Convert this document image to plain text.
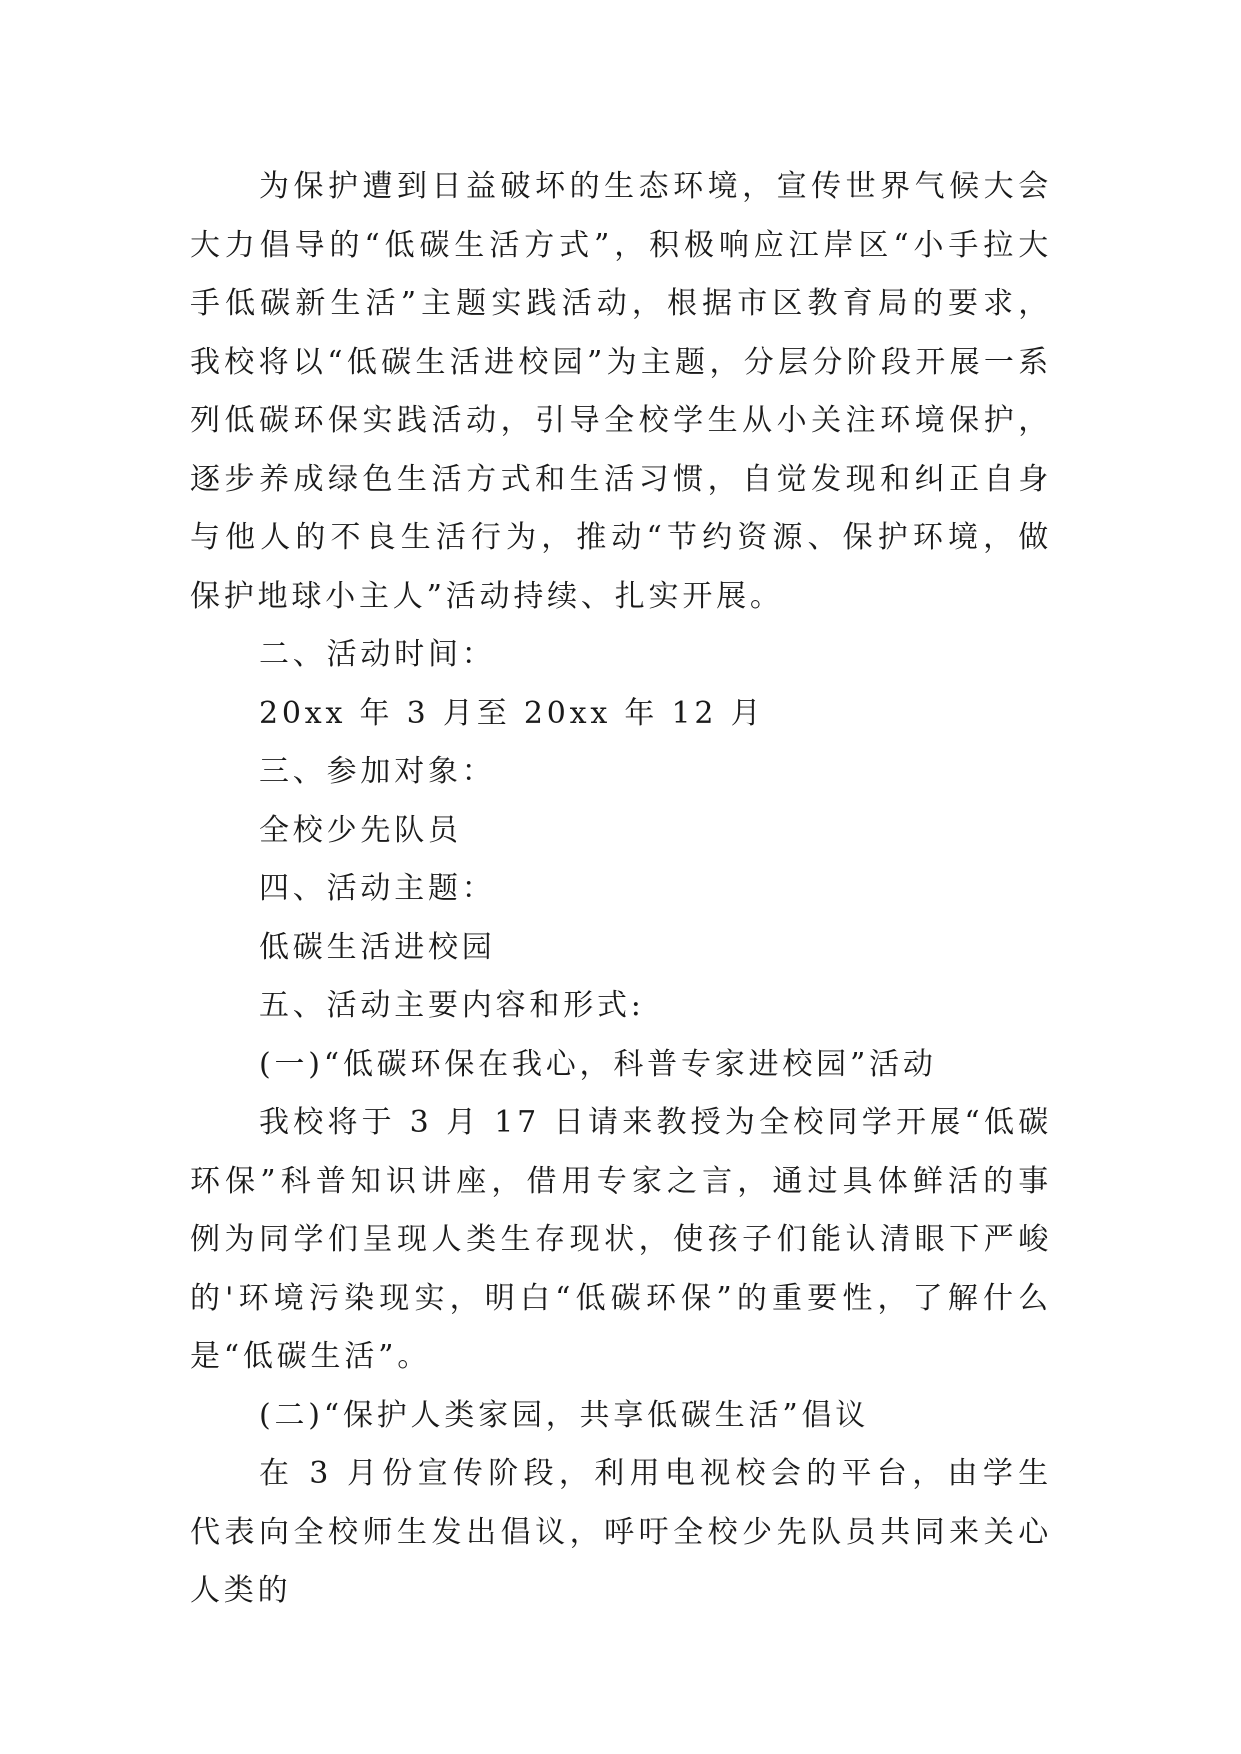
为保护遭到日益破坏的生态环境，宣传世界气候大会大力倡导的“低碳生活方式”，积极响应江岸区“小手拉大手低碳新生活”主题实践活动，根据市区教育局的要求，我校将以“低碳生活进校园”为主题，分层分阶段开展一系列低碳环保实践活动，引导全校学生从小关注环境保护，逐步养成绿色生活方式和生活习惯，自觉发现和纠正自身与他人的不良生活行为，推动“节约资源、保护环境，做保护地球小主人”活动持续、扎实开展。

二、活动时间：

20xx 年 3 月至 20xx 年 12 月

三、参加对象：

全校少先队员

四、活动主题：

低碳生活进校园

五、活动主要内容和形式:

(一)“低碳环保在我心，科普专家进校园”活动

我校将于 3 月 17 日请来教授为全校同学开展“低碳环保”科普知识讲座，借用专家之言，通过具体鲜活的事例为同学们呈现人类生存现状，使孩子们能认清眼下严峻的'环境污染现实，明白“低碳环保”的重要性，了解什么是“低碳生活”。

(二)“保护人类家园，共享低碳生活”倡议

在 3 月份宣传阶段，利用电视校会的平台，由学生代表向全校师生发出倡议，呼吁全校少先队员共同来关心人类的
